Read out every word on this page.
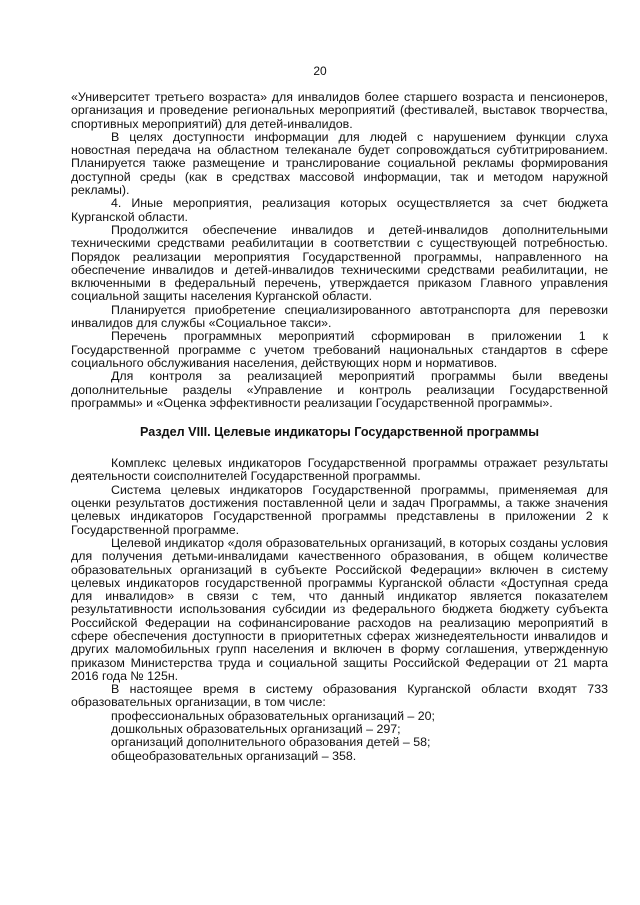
20

«Университет третьего возраста» для инвалидов более старшего возраста и пенсионеров, организация и проведение региональных мероприятий (фестивалей, выставок творчества, спортивных мероприятий) для детей-инвалидов.

В целях доступности информации для людей с нарушением функции слуха новостная передача на областном телеканале будет сопровождаться субтитрированием. Планируется также размещение и транслирование социальной рекламы формирования доступной среды (как в средствах массовой информации, так и методом наружной рекламы).

4. Иные мероприятия, реализация которых осуществляется за счет бюджета Курганской области.

Продолжится обеспечение инвалидов и детей-инвалидов дополнительными техническими средствами реабилитации в соответствии с существующей потребностью. Порядок реализации мероприятия Государственной программы, направленного на обеспечение инвалидов и детей-инвалидов техническими средствами реабилитации, не включенными в федеральный перечень, утверждается приказом Главного управления социальной защиты населения Курганской области.

Планируется приобретение специализированного автотранспорта для перевозки инвалидов для службы «Социальное такси».

Перечень программных мероприятий сформирован в приложении 1 к Государственной программе с учетом требований национальных стандартов в сфере социального обслуживания населения, действующих норм и нормативов.

Для контроля за реализацией мероприятий программы были введены дополнительные разделы «Управление и контроль реализации Государственной программы» и «Оценка эффективности реализации Государственной программы».

Раздел VIII. Целевые индикаторы Государственной программы

Комплекс целевых индикаторов Государственной программы отражает результаты деятельности соисполнителей Государственной программы.

Система целевых индикаторов Государственной программы, применяемая для оценки результатов достижения поставленной цели и задач Программы, а также значения целевых индикаторов Государственной программы представлены в приложении 2 к Государственной программе.

Целевой индикатор «доля образовательных организаций, в которых созданы условия для получения детьми-инвалидами качественного образования, в общем количестве образовательных организаций в субъекте Российской Федерации» включен в систему целевых индикаторов государственной программы Курганской области «Доступная среда для инвалидов» в связи с тем, что данный индикатор является показателем результативности использования субсидии из федерального бюджета бюджету субъекта Российской Федерации на софинансирование расходов на реализацию мероприятий в сфере обеспечения доступности в приоритетных сферах жизнедеятельности инвалидов и других маломобильных групп населения и включен в форму соглашения, утвержденную приказом Министерства труда и социальной защиты Российской Федерации от 21 марта 2016 года № 125н.

В настоящее время в систему образования Курганской области входят 733 образовательных организации, в том числе:

профессиональных образовательных организаций – 20;

дошкольных образовательных организаций – 297;

организаций дополнительного образования детей – 58;

общеобразовательных организаций – 358.
